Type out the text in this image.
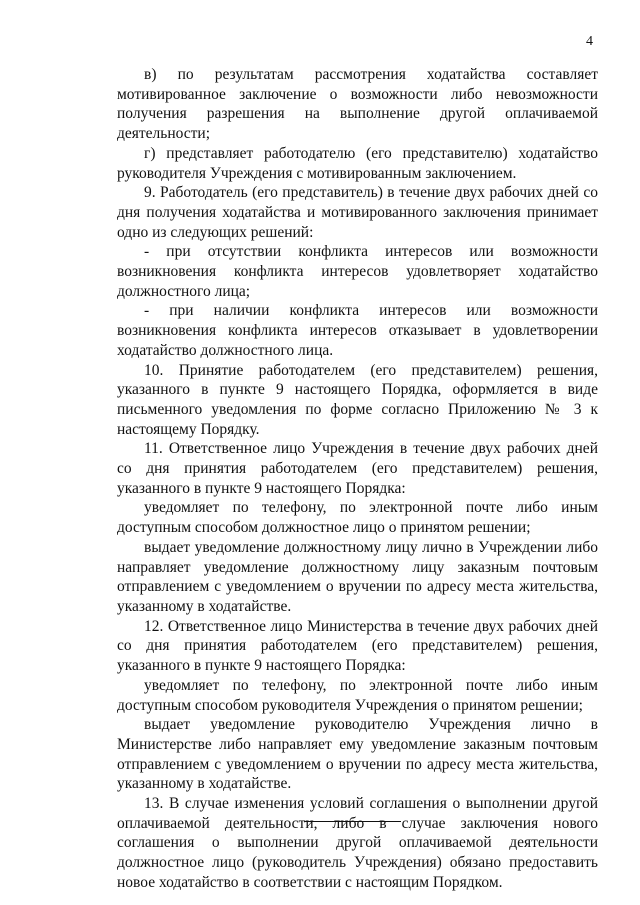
4

в) по результатам рассмотрения ходатайства составляет мотивированное заключение о возможности либо невозможности получения разрешения на выполнение другой оплачиваемой деятельности;

г) представляет работодателю (его представителю) ходатайство руководителя Учреждения с мотивированным заключением.

9. Работодатель (его представитель) в течение двух рабочих дней со дня получения ходатайства и мотивированного заключения принимает одно из следующих решений:

- при отсутствии конфликта интересов или возможности возникновения конфликта интересов удовлетворяет ходатайство должностного лица;

- при наличии конфликта интересов или возможности возникновения конфликта интересов отказывает в удовлетворении ходатайство должностного лица.

10. Принятие работодателем (его представителем) решения, указанного в пункте 9 настоящего Порядка, оформляется в виде письменного уведомления по форме согласно Приложению № 3 к настоящему Порядку.

11. Ответственное лицо Учреждения в течение двух рабочих дней со дня принятия работодателем (его представителем) решения, указанного в пункте 9 настоящего Порядка:

уведомляет по телефону, по электронной почте либо иным доступным способом должностное лицо о принятом решении;

выдает уведомление должностному лицу лично в Учреждении либо направляет уведомление должностному лицу заказным почтовым отправлением с уведомлением о вручении по адресу места жительства, указанному в ходатайстве.

12. Ответственное лицо Министерства в течение двух рабочих дней со дня принятия работодателем (его представителем) решения, указанного в пункте 9 настоящего Порядка:

уведомляет по телефону, по электронной почте либо иным доступным способом руководителя Учреждения о принятом решении;

выдает уведомление руководителю Учреждения лично в Министерстве либо направляет ему уведомление заказным почтовым отправлением с уведомлением о вручении по адресу места жительства, указанному в ходатайстве.

13. В случае изменения условий соглашения о выполнении другой оплачиваемой деятельности, либо в случае заключения нового соглашения о выполнении другой оплачиваемой деятельности должностное лицо (руководитель Учреждения) обязано предоставить новое ходатайство в соответствии с настоящим Порядком.
